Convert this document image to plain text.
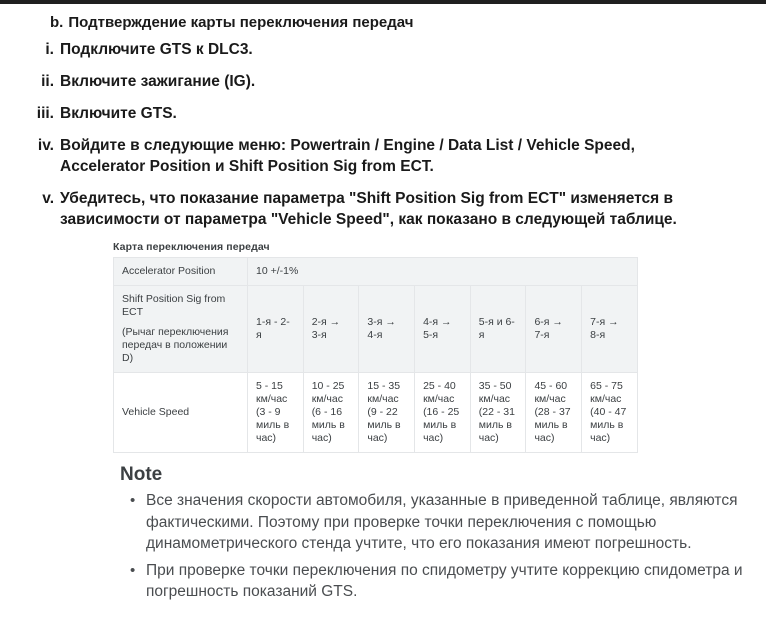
b. Подтверждение карты переключения передач
i. Подключите GTS к DLC3.
ii. Включите зажигание (IG).
iii. Включите GTS.
iv. Войдите в следующие меню: Powertrain / Engine / Data List / Vehicle Speed, Accelerator Position и Shift Position Sig from ECT.
v. Убедитесь, что показание параметра "Shift Position Sig from ECT" изменяется в зависимости от параметра "Vehicle Speed", как показано в следующей таблице.
Карта переключения передач
Accelerator Position	10 +/-1%						

Shift Position Sig from ECT
(Рычаг переключения передач в положении D)	1-я - 2-я	2-я → 3-я	3-я → 4-я	4-я → 5-я	5-я и 6-я	6-я → 7-я	7-я → 8-я
Vehicle Speed	5 - 15 км/час (3 - 9 миль в час)	10 - 25 км/час (6 - 16 миль в час)	15 - 35 км/час (9 - 22 миль в час)	25 - 40 км/час (16 - 25 миль в час)	35 - 50 км/час (22 - 31 миль в час)	45 - 60 км/час (28 - 37 миль в час)	65 - 75 км/час (40 - 47 миль в час)
Note
• Все значения скорости автомобиля, указанные в приведенной таблице, являются фактическими. Поэтому при проверке точки переключения с помощью динамометрического стенда учтите, что его показания имеют погрешность.
• При проверке точки переключения по спидометру учтите коррекцию спидометра и погрешность показаний GTS.
